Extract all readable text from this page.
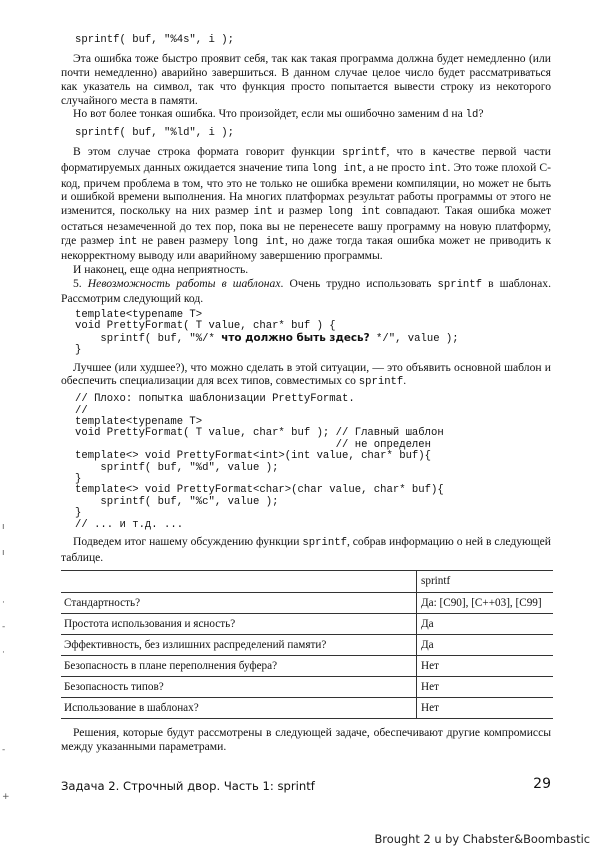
sprintf( buf, "%4s", i );

Эта ошибка тоже быстро проявит себя, так как такая программа должна будет немедленно (или почти немедленно) аварийно завершиться. В данном случае целое число будет рассматриваться как указатель на символ, так что функция просто попытается вывести строку из некоторого случайного места в памяти.

Но вот более тонкая ошибка. Что произойдет, если мы ошибочно заменим d на ld?

sprintf( buf, "%ld", i );

В этом случае строка формата говорит функции sprintf, что в качестве первой части форматируемых данных ожидается значение типа long int, а не просто int. Это тоже плохой С-код, причем проблема в том, что это не только не ошибка времени компиляции, но может не быть и ошибкой времени выполнения. На многих платформах результат работы программы от этого не изменится, поскольку на них размер int и размер long int совпадают. Такая ошибка может остаться незамеченной до тех пор, пока вы не перенесете вашу программу на новую платформу, где размер int не равен размеру long int, но даже тогда такая ошибка может не приводить к некорректному выводу или аварийному завершению программы.

И наконец, еще одна неприятность.

5. Невозможность работы в шаблонах. Очень трудно использовать sprintf в шаблонах. Рассмотрим следующий код.

template<typename T>
void PrettyFormat( T value, char* buf ) {
sprintf( buf, "%/* что должно быть здесь? */", value );
}

Лучшее (или худшее?), что можно сделать в этой ситуации, — это объявить основной шаблон и обеспечить специализации для всех типов, совместимых со sprintf.

// Плохо: попытка шаблонизации PrettyFormat.
//
template<typename T>
void PrettyFormat( T value, char* buf ); // Главный шаблон
// не определен
template<> void PrettyFormat<int>(int value, char* buf){
sprintf( buf, "%d", value );
}
template<> void PrettyFormat<char>(char value, char* buf){
sprintf( buf, "%c", value );
}
// ... и т.д. ...

Подведем итог нашему обсуждению функции sprintf, собрав информацию о ней в следующей таблице.

	sprintf
Стандартность?	Да: [C90], [C++03], [C99]
Простота использования и ясность?	Да
Эффективность, без излишних распределений памяти?	Да
Безопасность в плане переполнения буфера?	Нет
Безопасность типов?	Нет
Использование в шаблонах?	Нет

Решения, которые будут рассмотрены в следующей задаче, обеспечивают другие компромиссы между указанными параметрами.

Задача 2. Строчный двор. Часть 1: sprintf	29
Brought 2 u by Chabster&Boombastic
ı
ı
·
-
·
-
+
